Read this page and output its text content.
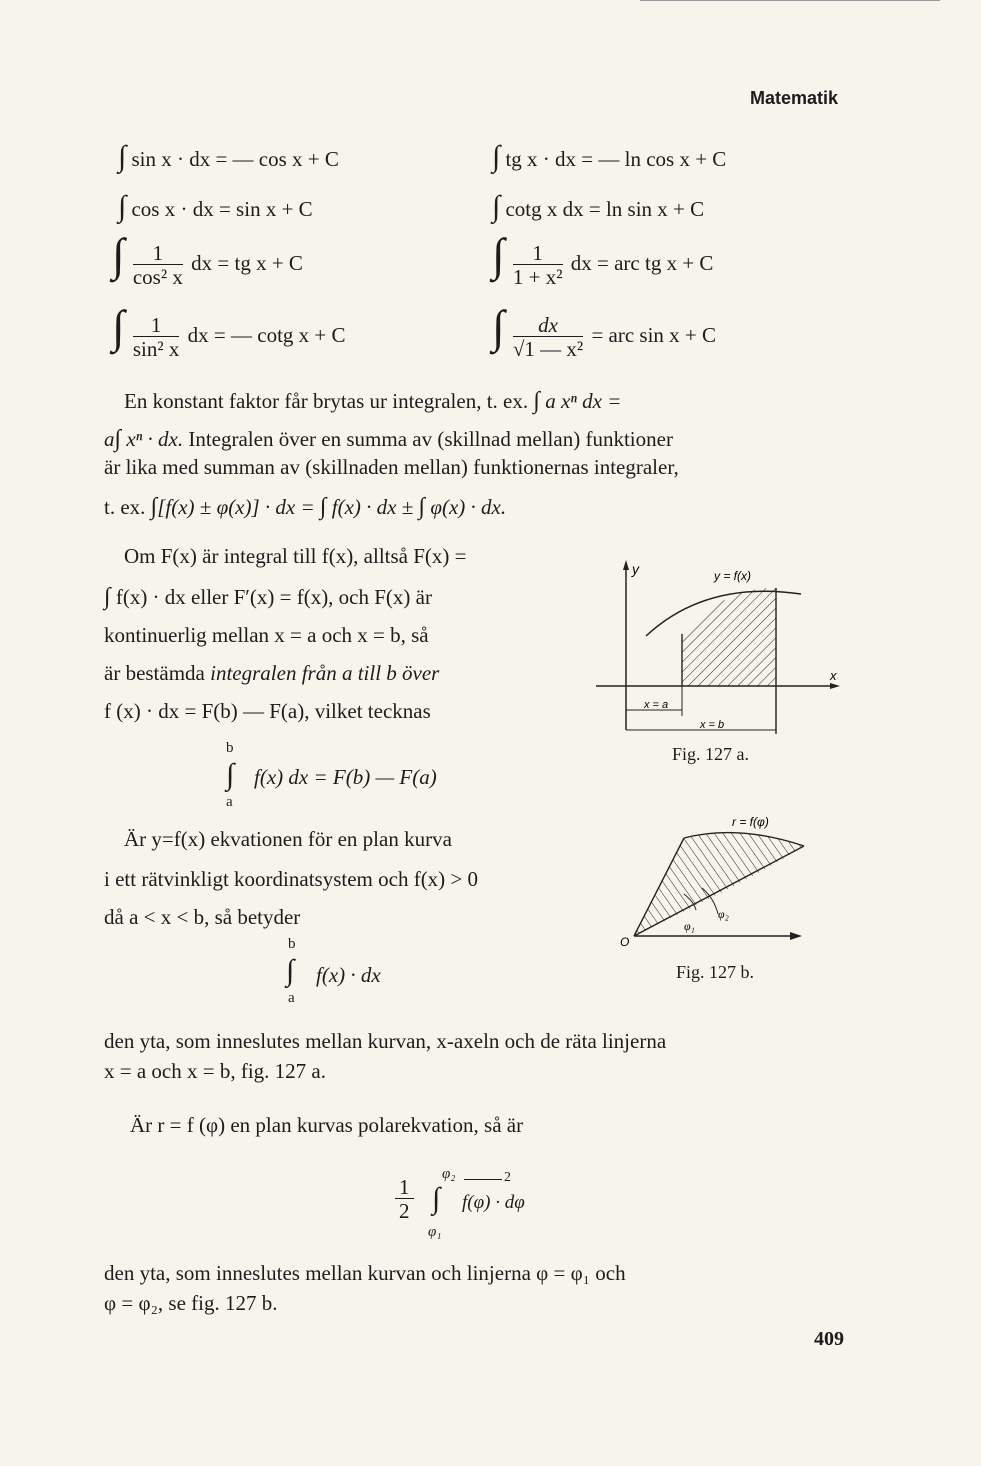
Matematik
∫ sin x · dx = — cos x + C
∫ cos x · dx = sin x + C
∫ $\frac{1}{\text{cos² x}}$ dx = tg x + C
∫ $\frac{1}{\text{sin² x}}$ dx = — cotg x + C
∫ tg x · dx = — ln cos x + C
∫ cotg x dx = ln sin x + C
∫ $\frac{1}{\text{1 + x²}}$ dx = arc tg x + C
∫ $\frac{dx}{\text{√1 — x²}}$ = arc sin x + C
En konstant faktor får brytas ur integralen, t. ex. ∫ a xⁿ dx =
a∫ xⁿ · dx. Integralen över en summa av (skillnad mellan) funktioner
är lika med summan av (skillnaden mellan) funktionernas integraler,
t. ex. ∫[f(x) ± φ(x)] · dx = ∫ f(x) · dx ± ∫ φ(x) · dx.
Om F(x) är integral till f(x), alltså F(x) =
∫ f(x) · dx eller F′(x) = f(x), och F(x) är
kontinuerlig mellan x = a och x = b, så
är bestämda integralen från a till b över
f (x) · dx = F(b) — F(a), vilket tecknas
b
∫ f(x) dx = F(b) — F(a)
a
Är y=f(x) ekvationen för en plan kurva
i ett rätvinkligt koordinatsystem och f(x) > 0
då a < x < b, så betyder
b
∫ f(x) · dx
a
den yta, som inneslutes mellan kurvan, x-axeln och de räta linjerna
x = a och x = b, fig. 127 a.
Är r = f (φ) en plan kurvas polarekvation, så är
$\frac{1}{2}$
φ₂	2
∫ f(φ) · dφ
φ₁
den yta, som inneslutes mellan kurvan och linjerna φ = φ₁ och
φ = φ₂, se fig. 127 b.
y
x
y = f(x)
x = a
x = b
Fig. 127 a.
r = f(φ)
O
φ₁
φ₂
Fig. 127 b.
409
